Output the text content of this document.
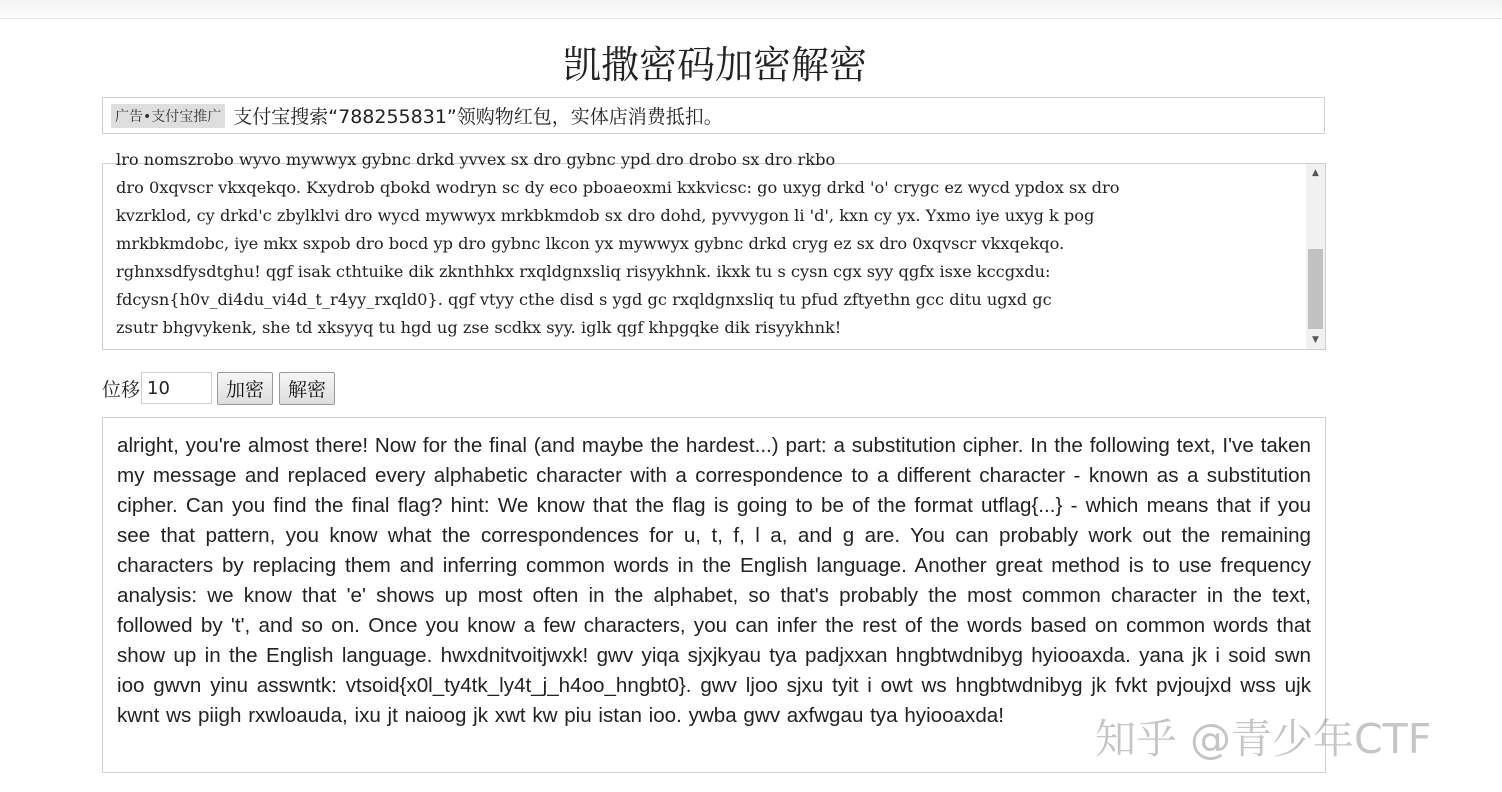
凯撒密码加密解密
广告•支付宝推广 支付宝搜索“788255831”领购物红包，实体店消费抵扣。
lro nomszrobo wyvo mywwyx gybnc drkd yvvex sx dro gybnc ypd dro drobo sx dro rkbo
dro 0xqvscr vkxqekqo. Kxydrob qbokd wodryn sc dy eco pboaeoxmi kxkvicsc: go uxyg drkd 'o' crygc ez wycd ypdox sx dro
kvzrklod, cy drkd'c zbylklvi dro wycd mywwyx mrkbkmdob sx dro dohd, pyvvygon li 'd', kxn cy yx. Yxmo iye uxyg k pog
mrkbkmdobc, iye mkx sxpob dro bocd yp dro gybnc lkcon yx mywwyx gybnc drkd cryg ez sx dro 0xqvscr vkxqekqo.
rghnxsdfysdtghu! qgf isak cthtuike dik zknthhkx rxqldgnxsliq risyykhnk. ikxk tu s cysn cgx syy qgfx isxe kccgxdu:
fdcysn{h0v_di4du_vi4d_t_r4yy_rxqld0}. qgf vtyy cthe disd s ygd gc rxqldgnxsliq tu pfud zftyethn gcc ditu ugxd gc
zsutr bhgvykenk, she td xksyyq tu hgd ug zse scdkx syy. iglk qgf khpgqke dik risyykhnk!
▲
▼
位移
10	加密	解密

alright, you're almost there! Now for the final (and maybe the hardest...) part: a substitution cipher. In the following text, I've taken my message and replaced every alphabetic character with a correspondence to a different character - known as a substitution cipher. Can you find the final flag? hint: We know that the flag is going to be of the format utflag{...} - which means that if you see that pattern, you know what the correspondences for u, t, f, l a, and g are. You can probably work out the remaining characters by replacing them and inferring common words in the English language. Another great method is to use frequency analysis: we know that 'e' shows up most often in the alphabet, so that's probably the most common character in the text, followed by 't', and so on. Once you know a few characters, you can infer the rest of the words based on common words that show up in the English language. hwxdnitvoitjwxk! gwv yiqa sjxjkyau tya padjxxan hngbtwdnibyg hyiooaxda. yana jk i soid swn ioo gwvn yinu asswntk: vtsoid{x0l_ty4tk_ly4t_j_h4oo_hngbt0}. gwv ljoo sjxu tyit i owt ws hngbtwdnibyg jk fvkt pvjoujxd wss ujk kwnt ws piigh rxwloauda, ixu jt naioog jk xwt kw piu istan ioo. ywba gwv axfwgau tya hyiooaxda!	知乎 @青少年CTF
